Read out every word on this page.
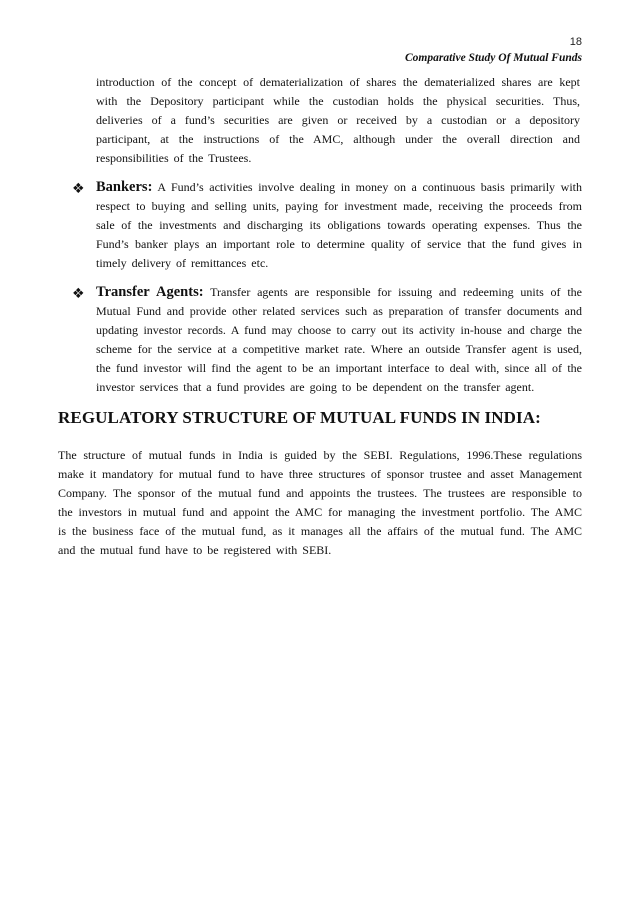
18
Comparative Study Of Mutual Funds

introduction of the concept of dematerialization of shares the dematerialized shares are kept with the Depository participant while the custodian holds the physical securities. Thus, deliveries of a fund’s securities are given or received by a custodian or a depository participant, at the instructions of the AMC, although under the overall direction and responsibilities of the Trustees.

❖ Bankers: A Fund’s activities involve dealing in money on a continuous basis primarily with respect to buying and selling units, paying for investment made, receiving the proceeds from sale of the investments and discharging its obligations towards operating expenses. Thus the Fund’s banker plays an important role to determine quality of service that the fund gives in timely delivery of remittances etc.
❖ Transfer Agents: Transfer agents are responsible for issuing and redeeming units of the Mutual Fund and provide other related services such as preparation of transfer documents and updating investor records. A fund may choose to carry out its activity in-house and charge the scheme for the service at a competitive market rate. Where an outside Transfer agent is used, the fund investor will find the agent to be an important interface to deal with, since all of the investor services that a fund provides are going to be dependent on the transfer agent.
REGULATORY STRUCTURE OF MUTUAL FUNDS IN INDIA:

The structure of mutual funds in India is guided by the SEBI. Regulations, 1996.These regulations make it mandatory for mutual fund to have three structures of sponsor trustee and asset Management Company. The sponsor of the mutual fund and appoints the trustees. The trustees are responsible to the investors in mutual fund and appoint the AMC for managing the investment portfolio. The AMC is the business face of the mutual fund, as it manages all the affairs of the mutual fund. The AMC and the mutual fund have to be registered with SEBI.
